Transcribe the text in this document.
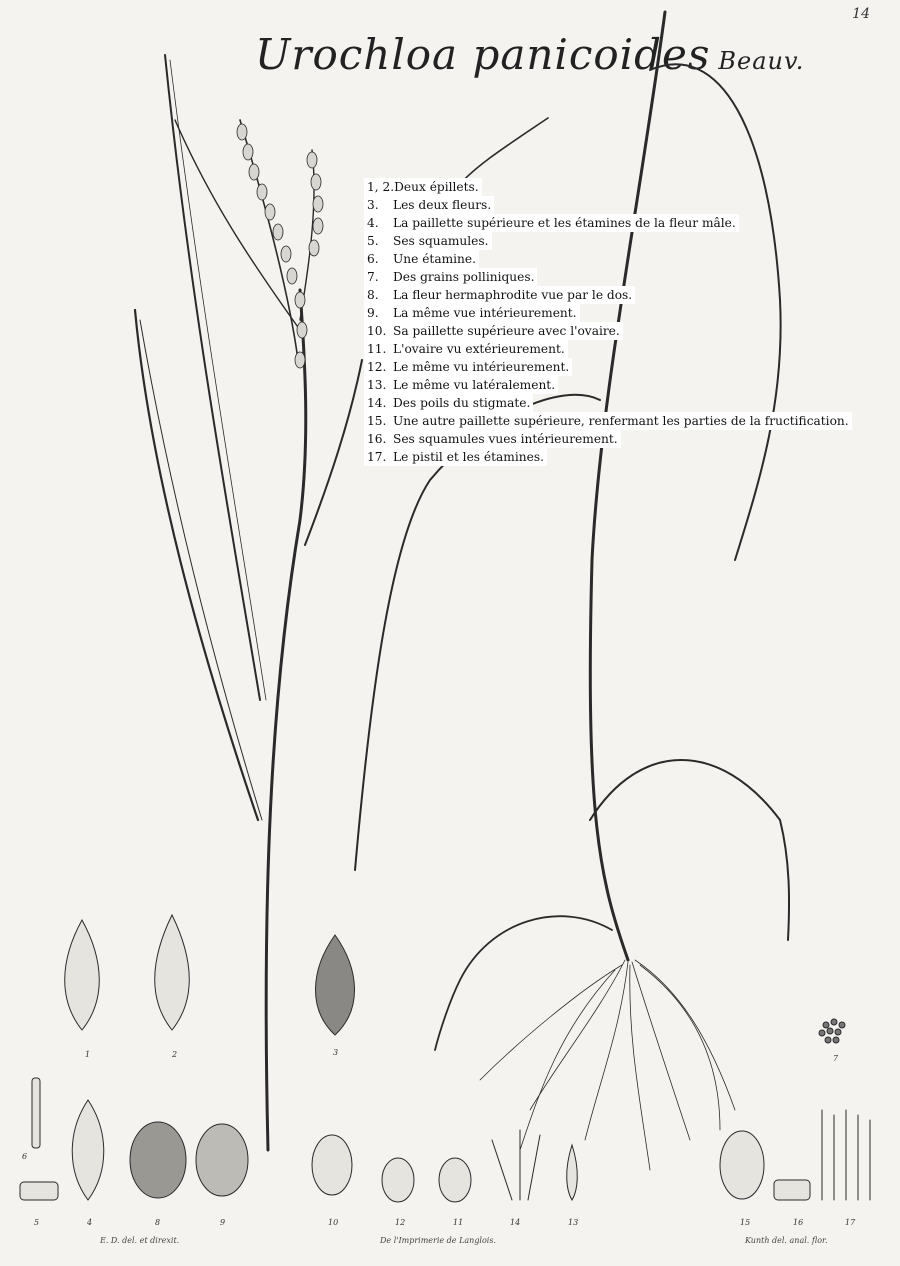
14
Urochloa panicoides Beauv.
1, 2.Deux épillets.
3. Les deux fleurs.
4. La paillette supérieure et les étamines de la fleur mâle.
5. Ses squamules.
6. Une étamine.
7. Des grains polliniques.
8. La fleur hermaphrodite vue par le dos.
9. La même vue intérieurement.
10. Sa paillette supérieure avec l'ovaire.
11. L'ovaire vu extérieurement.
12. Le même vu intérieurement.
13. Le même vu latéralement.
14. Des poils du stigmate.
15. Une autre paillette supérieure, renfermant les parties de la fructification.
16. Ses squamules vues intérieurement.
17. Le pistil et les étamines.
1	2	3
4
5
6
7
8	9	10	11
12	13
14	15	16	17
E. D. del. et direxit.	De l'Imprimerie de Langlois.	Kunth del. anal. flor.
